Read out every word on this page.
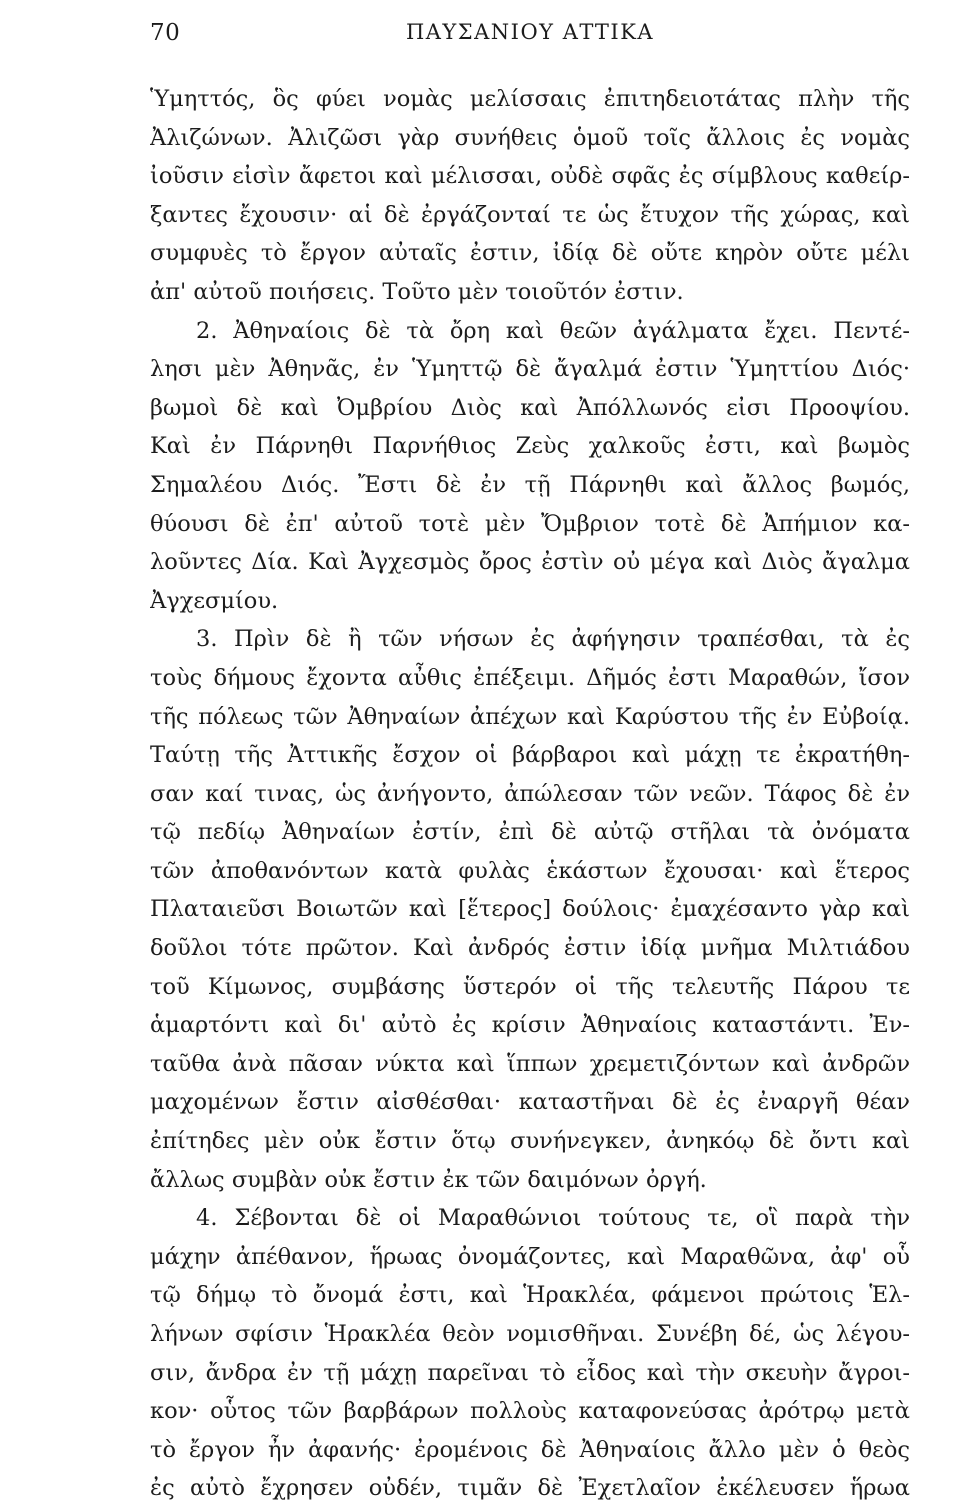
70	ΠΑΥΣΑΝΙΟΥ ΑΤΤΙΚΑ
Ὑμηττός, ὃς φύει νομὰς μελίσσαις ἐπιτηδειοτάτας πλὴν τῆς
Ἀλιζώνων. Ἀλιζῶσι γὰρ συνήθεις ὁμοῦ τοῖς ἄλλοις ἐς νομὰς
ἰοῦσιν εἰσὶν ἄφετοι καὶ μέλισσαι, οὐδὲ σφᾶς ἐς σίμβλους καθείρ-
ξαντες ἔχουσιν· αἱ δὲ ἐργάζονταί τε ὡς ἔτυχον τῆς χώρας, καὶ
συμφυὲς τὸ ἔργον αὐταῖς ἐστιν, ἰδίᾳ δὲ οὔτε κηρὸν οὔτε μέλι
ἀπ' αὐτοῦ ποιήσεις. Τοῦτο μὲν τοιοῦτόν ἐστιν.
2. Ἀθηναίοις δὲ τὰ ὄρη καὶ θεῶν ἀγάλματα ἔχει. Πεντέ-
λησι μὲν Ἀθηνᾶς, ἐν Ὑμηττῷ δὲ ἄγαλμά ἐστιν Ὑμηττίου Διός·
βωμοὶ δὲ καὶ Ὀμβρίου Διὸς καὶ Ἀπόλλωνός εἰσι Προοψίου.
Καὶ ἐν Πάρνηθι Παρνήθιος Ζεὺς χαλκοῦς ἐστι, καὶ βωμὸς
Σημαλέου Διός. Ἔστι δὲ ἐν τῇ Πάρνηθι καὶ ἄλλος βωμός,
θύουσι δὲ ἐπ' αὐτοῦ τοτὲ μὲν Ὄμβριον τοτὲ δὲ Ἀπήμιον κα-
λοῦντες Δία. Καὶ Ἀγχεσμὸς ὄρος ἐστὶν οὐ μέγα καὶ Διὸς ἄγαλμα
Ἀγχεσμίου.
3. Πρὶν δὲ ἢ τῶν νήσων ἐς ἀφήγησιν τραπέσθαι, τὰ ἐς
τοὺς δήμους ἔχοντα αὖθις ἐπέξειμι. Δῆμός ἐστι Μαραθών, ἴσον
τῆς πόλεως τῶν Ἀθηναίων ἀπέχων καὶ Καρύστου τῆς ἐν Εὐβοίᾳ.
Ταύτῃ τῆς Ἀττικῆς ἔσχον οἱ βάρβαροι καὶ μάχῃ τε ἐκρατήθη-
σαν καί τινας, ὡς ἀνήγοντο, ἀπώλεσαν τῶν νεῶν. Τάφος δὲ ἐν
τῷ πεδίῳ Ἀθηναίων ἐστίν, ἐπὶ δὲ αὐτῷ στῆλαι τὰ ὀνόματα
τῶν ἀποθανόντων κατὰ φυλὰς ἑκάστων ἔχουσαι· καὶ ἕτερος
Πλαταιεῦσι Βοιωτῶν καὶ [ἕτερος] δούλοις· ἐμαχέσαντο γὰρ καὶ
δοῦλοι τότε πρῶτον. Καὶ ἀνδρός ἐστιν ἰδίᾳ μνῆμα Μιλτιάδου
τοῦ Κίμωνος, συμβάσης ὕστερόν οἱ τῆς τελευτῆς Πάρου τε
ἁμαρτόντι καὶ δι' αὐτὸ ἐς κρίσιν Ἀθηναίοις καταστάντι. Ἐν-
ταῦθα ἀνὰ πᾶσαν νύκτα καὶ ἵππων χρεμετιζόντων καὶ ἀνδρῶν
μαχομένων ἔστιν αἰσθέσθαι· καταστῆναι δὲ ἐς ἐναργῆ θέαν
ἐπίτηδες μὲν οὐκ ἔστιν ὅτῳ συνήνεγκεν, ἀνηκόῳ δὲ ὄντι καὶ
ἄλλως συμβὰν οὐκ ἔστιν ἐκ τῶν δαιμόνων ὀργή.
4. Σέβονται δὲ οἱ Μαραθώνιοι τούτους τε, οἳ παρὰ τὴν
μάχην ἀπέθανον, ἥρωας ὀνομάζοντες, καὶ Μαραθῶνα, ἀφ' οὗ
τῷ δήμῳ τὸ ὄνομά ἐστι, καὶ Ἡρακλέα, φάμενοι πρώτοις Ἑλ-
λήνων σφίσιν Ἡρακλέα θεὸν νομισθῆναι. Συνέβη δέ, ὡς λέγου-
σιν, ἄνδρα ἐν τῇ μάχῃ παρεῖναι τὸ εἶδος καὶ τὴν σκευὴν ἄγροι-
κον· οὗτος τῶν βαρβάρων πολλοὺς καταφονεύσας ἀρότρῳ μετὰ
τὸ ἔργον ἦν ἀφανής· ἐρομένοις δὲ Ἀθηναίοις ἄλλο μὲν ὁ θεὸς
ἐς αὐτὸ ἔχρησεν οὐδέν, τιμᾶν δὲ Ἐχετλαῖον ἐκέλευσεν ἥρωα
